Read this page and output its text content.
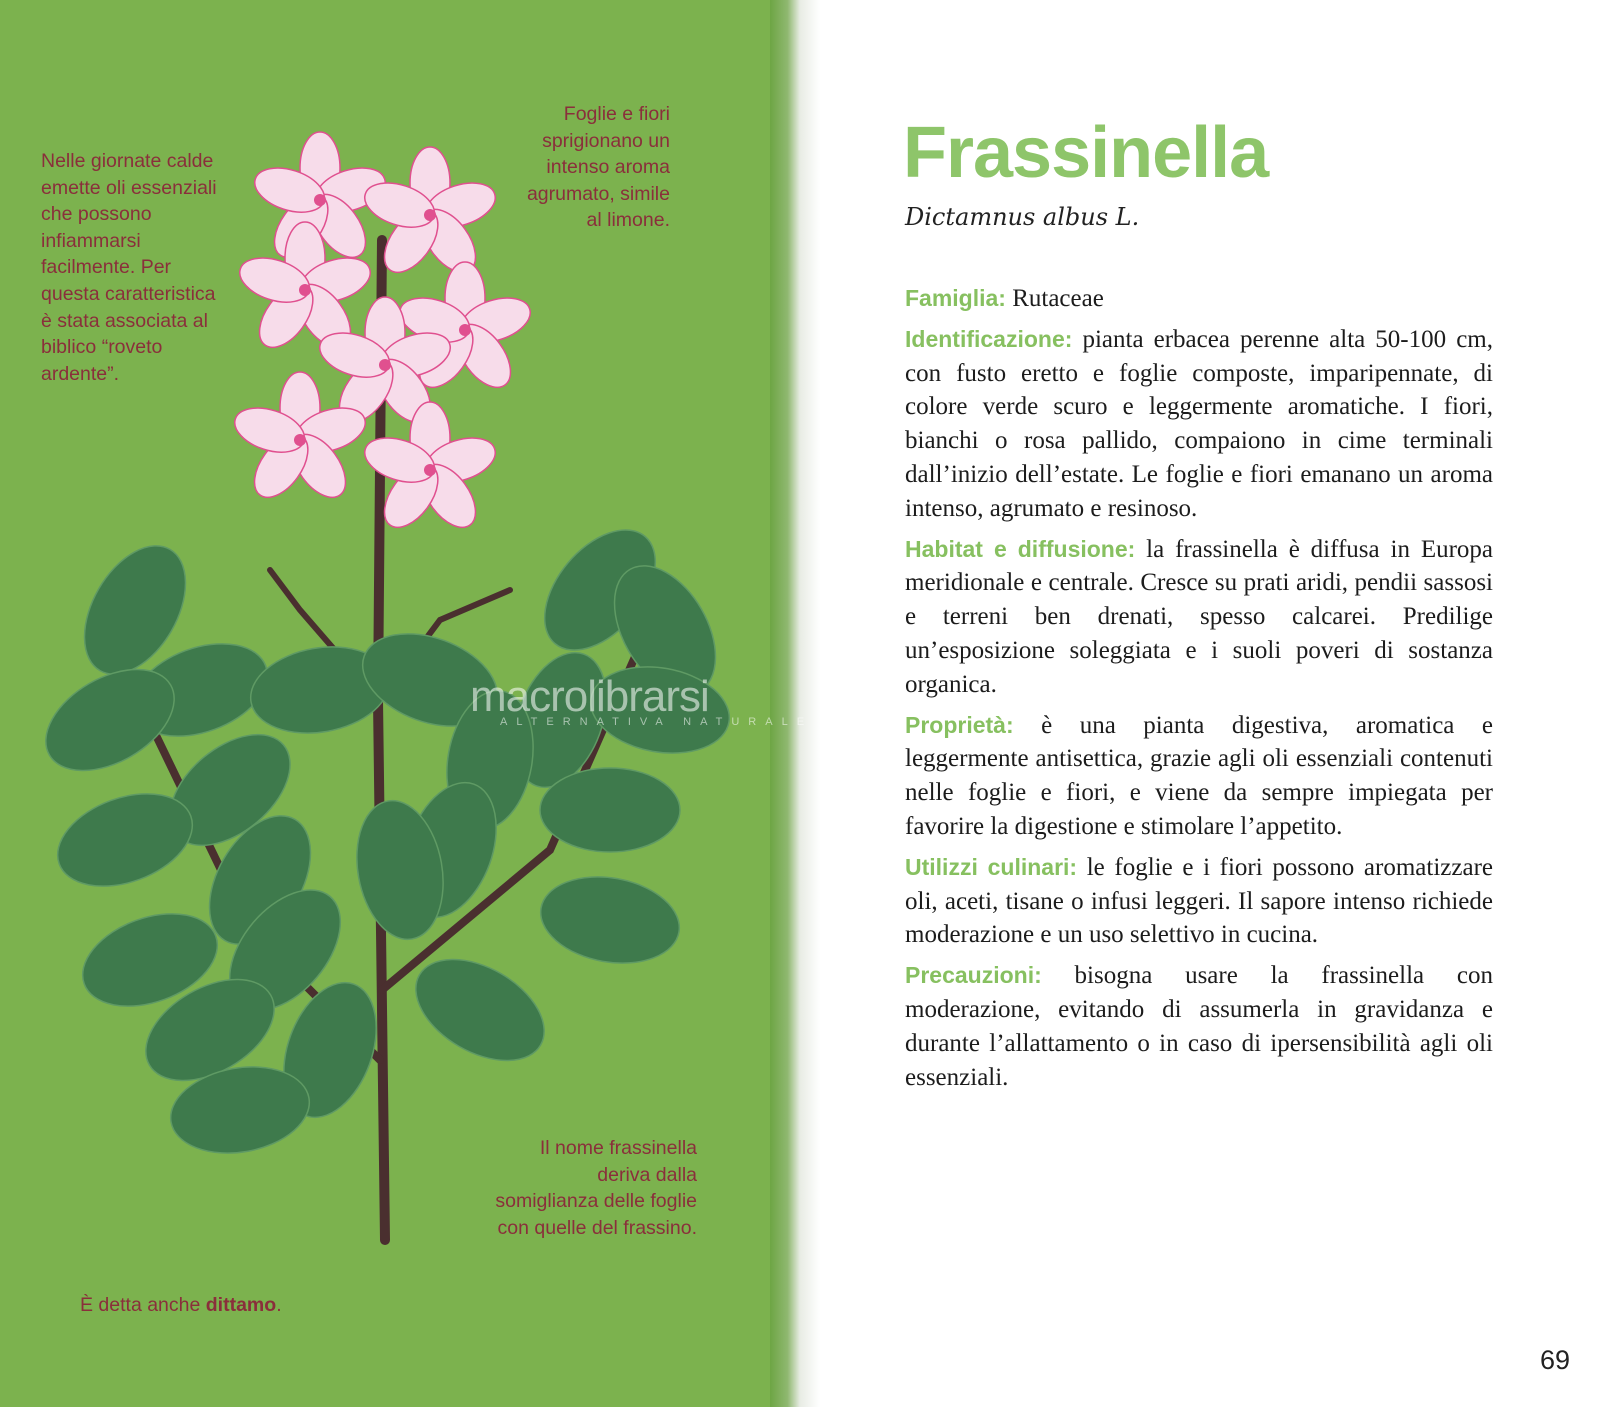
Nelle giornate calde emette oli essenziali che possono infiammarsi facilmente. Per questa caratteristica è stata associata al biblico “roveto ardente”.
Foglie e fiori sprigionano un intenso aroma agrumato, simile al limone.
Il nome frassinella deriva dalla somiglianza delle foglie con quelle del frassino.
È detta anche dittamo.
Frassinella
Dictamnus albus L.

Famiglia: Rutaceae

Identificazione: pianta erbacea perenne alta 50-100 cm, con fusto eretto e foglie composte, imparipennate, di colore verde scuro e leggermente aromatiche. I fiori, bianchi o rosa pallido, compaiono in cime terminali dall’inizio dell’estate. Le foglie e fiori emanano un aroma intenso, agrumato e resinoso.

Habitat e diffusione: la frassinella è diffusa in Europa meridionale e centrale. Cresce su prati aridi, pendii sassosi e terreni ben drenati, spesso calcarei. Predilige un’esposizione soleggiata e i suoli poveri di sostanza organica.

Proprietà: è una pianta digestiva, aromatica e leggermente antisettica, grazie agli oli essenziali contenuti nelle foglie e fiori, e viene da sempre impiegata per favorire la digestione e stimolare l’appetito.

Utilizzi culinari: le foglie e i fiori possono aromatizzare oli, aceti, tisane o infusi leggeri. Il sapore intenso richiede moderazione e un uso selettivo in cucina.

Precauzioni: bisogna usare la frassinella con moderazione, evitando di assumerla in gravidanza e durante l’allattamento o in caso di ipersensibilità agli oli essenziali.

69
macrolibrarsi
ALTERNATIVA NATURALE
